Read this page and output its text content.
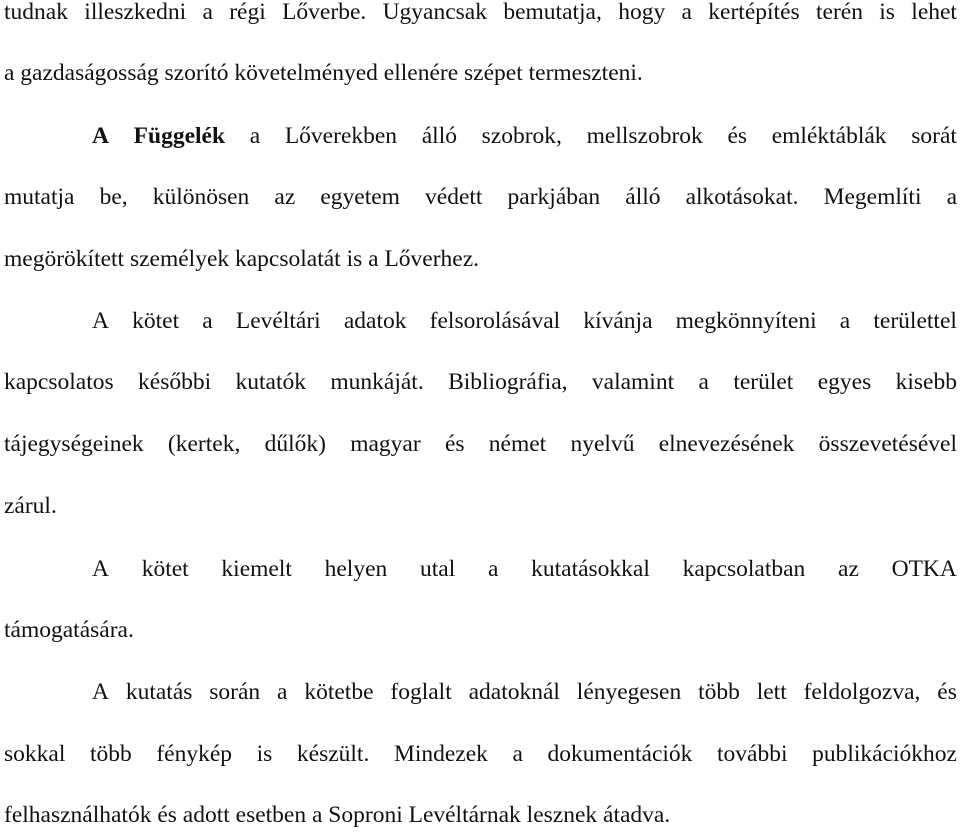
tudnak illeszkedni a régi Lőverbe. Ugyancsak bemutatja, hogy a kertépítés terén is lehet
a gazdaságosság szorító követelményed ellenére szépet termeszteni.
A Függelék a Lőverekben álló szobrok, mellszobrok és emléktáblák sorát
mutatja be, különösen az egyetem védett parkjában álló alkotásokat. Megemlíti a
megörökített személyek kapcsolatát is a Lőverhez.
A kötet a Levéltári adatok felsorolásával kívánja megkönnyíteni a területtel
kapcsolatos későbbi kutatók munkáját. Bibliográfia, valamint a terület egyes kisebb
tájegységeinek (kertek, dűlők) magyar és német nyelvű elnevezésének összevetésével
zárul.
A kötet kiemelt helyen utal a kutatásokkal kapcsolatban az OTKA
támogatására.
A kutatás során a kötetbe foglalt adatoknál lényegesen több lett feldolgozva, és
sokkal több fénykép is készült. Mindezek a dokumentációk további publikációkhoz
felhasználhatók és adott esetben a Soproni Levéltárnak lesznek átadva.
